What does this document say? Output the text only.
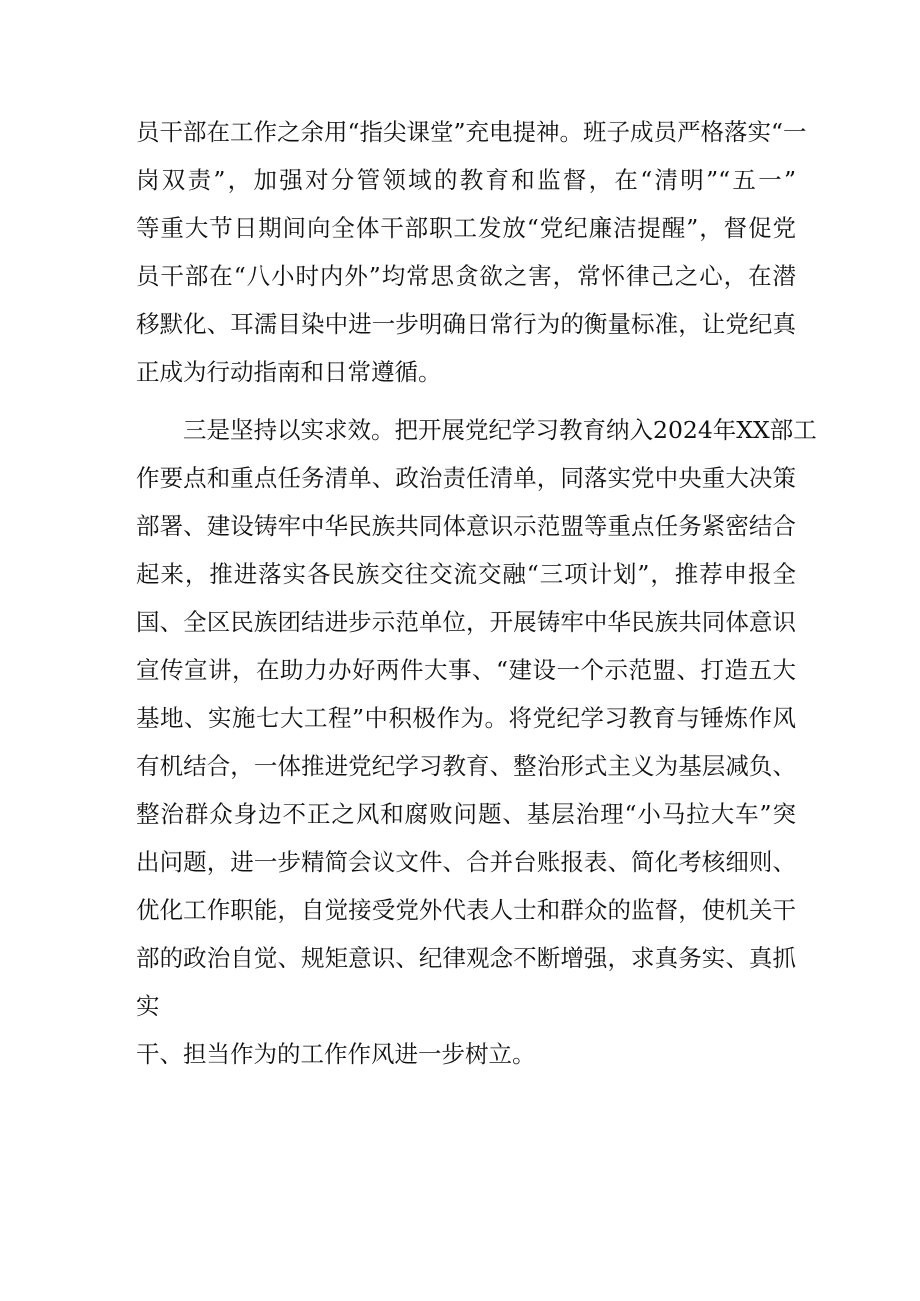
员干部在工作之余用“指尖课堂”充电提神。班子成员严格落实“一
岗双责”，加强对分管领域的教育和监督，在“清明”“五一”
等重大节日期间向全体干部职工发放“党纪廉洁提醒”，督促党
员干部在“八小时内外”均常思贪欲之害，常怀律己之心，在潜
移默化、耳濡目染中进一步明确日常行为的衡量标准，让党纪真
正成为行动指南和日常遵循。
　　三是坚持以实求效。把开展党纪学习教育纳入2024年XX部工
作要点和重点任务清单、政治责任清单，同落实党中央重大决策
部署、建设铸牢中华民族共同体意识示范盟等重点任务紧密结合
起来，推进落实各民族交往交流交融“三项计划”，推荐申报全
国、全区民族团结进步示范单位，开展铸牢中华民族共同体意识
宣传宣讲，在助力办好两件大事、“建设一个示范盟、打造五大
基地、实施七大工程”中积极作为。将党纪学习教育与锤炼作风
有机结合，一体推进党纪学习教育、整治形式主义为基层减负、
整治群众身边不正之风和腐败问题、基层治理“小马拉大车”突
出问题，进一步精简会议文件、合并台账报表、简化考核细则、
优化工作职能，自觉接受党外代表人士和群众的监督，使机关干
部的政治自觉、规矩意识、纪律观念不断增强，求真务实、真抓
实
干、担当作为的工作作风进一步树立。
